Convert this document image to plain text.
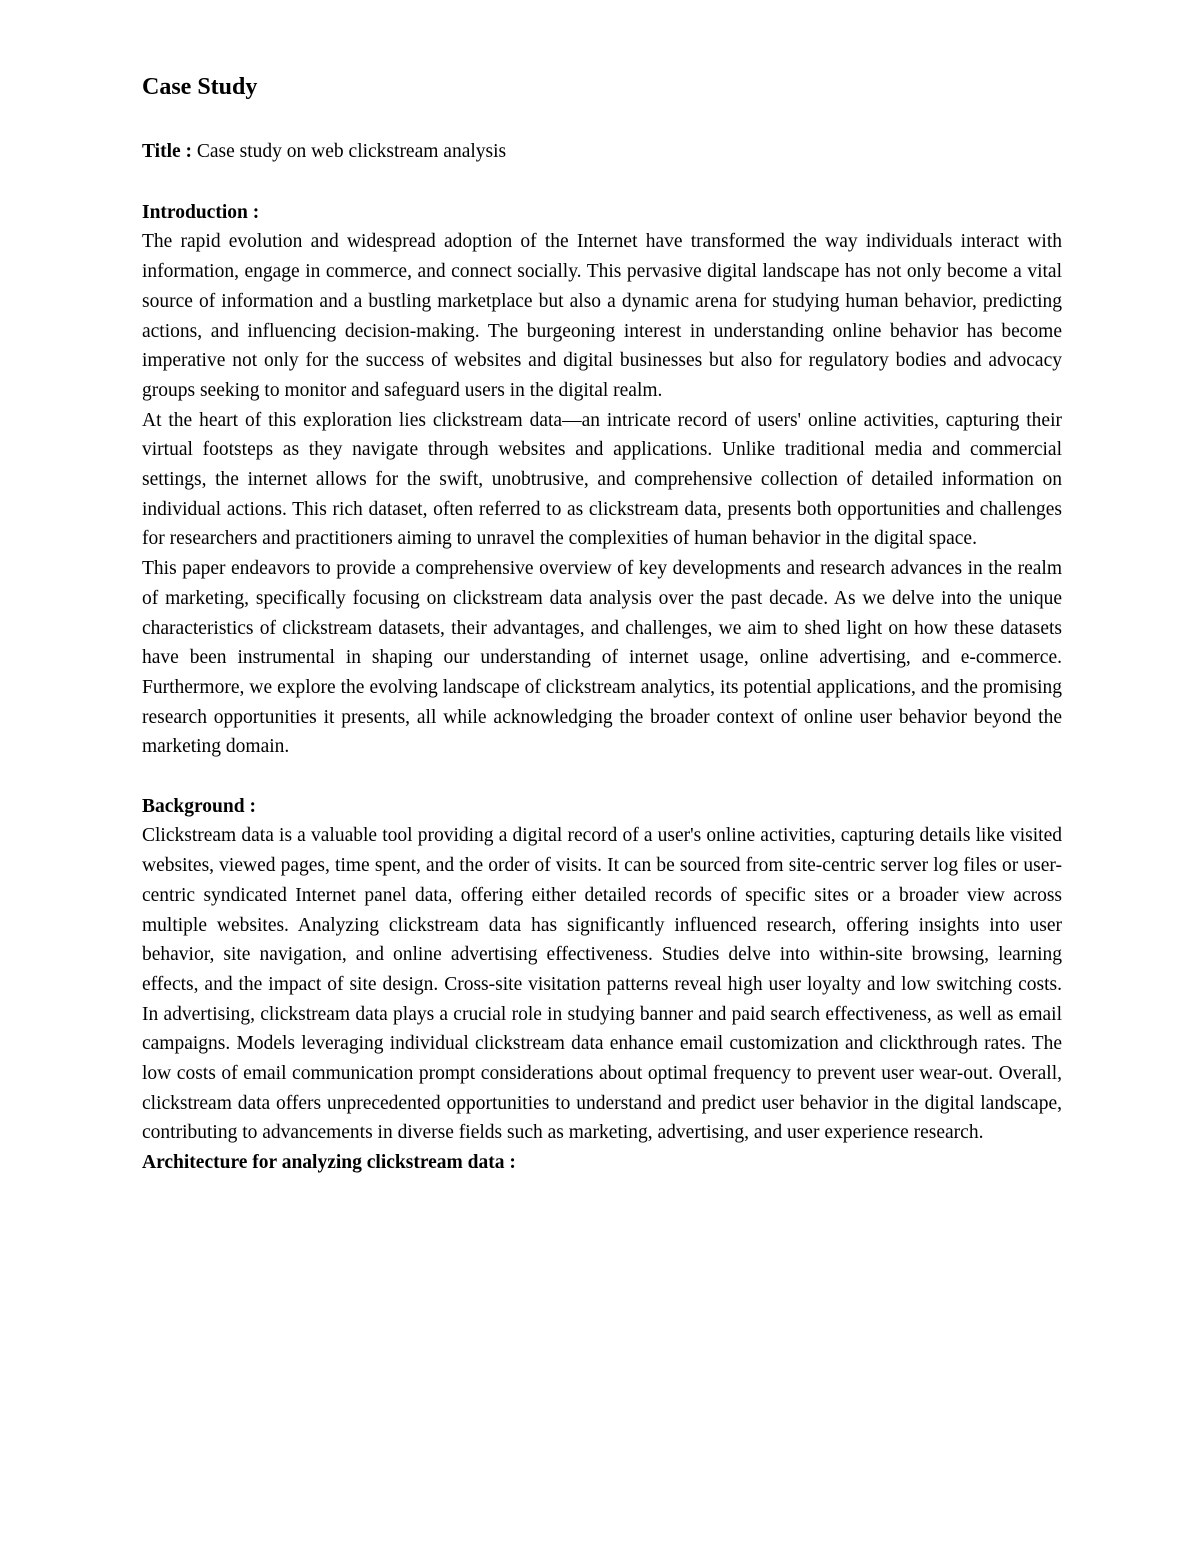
Case Study
Title : Case study on web clickstream analysis
Introduction :

The rapid evolution and widespread adoption of the Internet have transformed the way individuals interact with information, engage in commerce, and connect socially. This pervasive digital landscape has not only become a vital source of information and a bustling marketplace but also a dynamic arena for studying human behavior, predicting actions, and influencing decision-making. The burgeoning interest in understanding online behavior has become imperative not only for the success of websites and digital businesses but also for regulatory bodies and advocacy groups seeking to monitor and safeguard users in the digital realm.

At the heart of this exploration lies clickstream data—an intricate record of users' online activities, capturing their virtual footsteps as they navigate through websites and applications. Unlike traditional media and commercial settings, the internet allows for the swift, unobtrusive, and comprehensive collection of detailed information on individual actions. This rich dataset, often referred to as clickstream data, presents both opportunities and challenges for researchers and practitioners aiming to unravel the complexities of human behavior in the digital space.

This paper endeavors to provide a comprehensive overview of key developments and research advances in the realm of marketing, specifically focusing on clickstream data analysis over the past decade. As we delve into the unique characteristics of clickstream datasets, their advantages, and challenges, we aim to shed light on how these datasets have been instrumental in shaping our understanding of internet usage, online advertising, and e-commerce. Furthermore, we explore the evolving landscape of clickstream analytics, its potential applications, and the promising research opportunities it presents, all while acknowledging the broader context of online user behavior beyond the marketing domain.

Background :

Clickstream data is a valuable tool providing a digital record of a user's online activities, capturing details like visited websites, viewed pages, time spent, and the order of visits. It can be sourced from site-centric server log files or user-centric syndicated Internet panel data, offering either detailed records of specific sites or a broader view across multiple websites. Analyzing clickstream data has significantly influenced research, offering insights into user behavior, site navigation, and online advertising effectiveness. Studies delve into within-site browsing, learning effects, and the impact of site design. Cross-site visitation patterns reveal high user loyalty and low switching costs. In advertising, clickstream data plays a crucial role in studying banner and paid search effectiveness, as well as email campaigns. Models leveraging individual clickstream data enhance email customization and clickthrough rates. The low costs of email communication prompt considerations about optimal frequency to prevent user wear-out. Overall, clickstream data offers unprecedented opportunities to understand and predict user behavior in the digital landscape, contributing to advancements in diverse fields such as marketing, advertising, and user experience research.

Architecture for analyzing clickstream data :
